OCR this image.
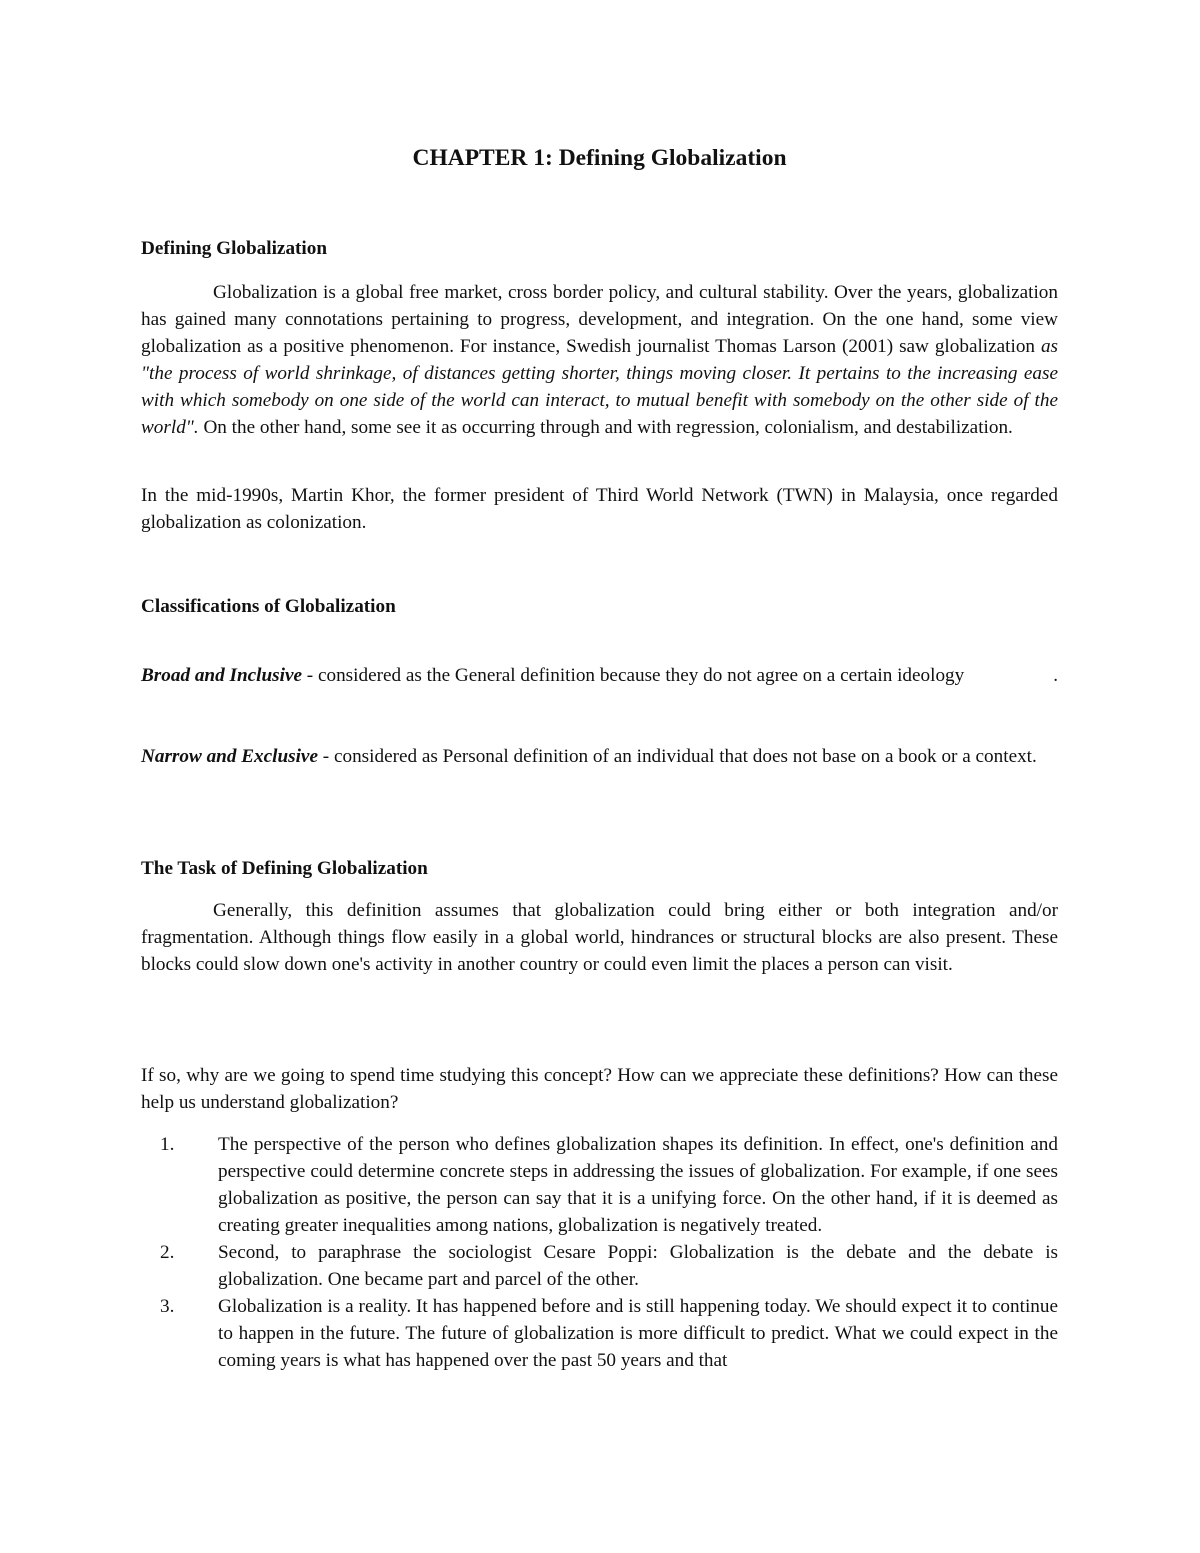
CHAPTER 1: Defining Globalization

Defining Globalization

Globalization is a global free market, cross border policy, and cultural stability. Over the years, globalization has gained many connotations pertaining to progress, development, and integration. On the one hand, some view globalization as a positive phenomenon. For instance, Swedish journalist Thomas Larson (2001) saw globalization as "the process of world shrinkage, of distances getting shorter, things moving closer. It pertains to the increasing ease with which somebody on one side of the world can interact, to mutual benefit with somebody on the other side of the world". On the other hand, some see it as occurring through and with regression, colonialism, and destabilization.

In the mid-1990s, Martin Khor, the former president of Third World Network (TWN) in Malaysia, once regarded globalization as colonization.

Classifications of Globalization

Broad and Inclusive - considered as the General definition because they do not agree on a certain ideology	.

Narrow and Exclusive - considered as Personal definition of an individual that does not base on a book or a context.

The Task of Defining Globalization

Generally, this definition assumes that globalization could bring either or both integration and/or fragmentation. Although things flow easily in a global world, hindrances or structural blocks are also present. These blocks could slow down one's activity in another country or could even limit the places a person can visit.

If so, why are we going to spend time studying this concept? How can we appreciate these definitions? How can these help us understand globalization?

1. The perspective of the person who defines globalization shapes its definition. In effect, one's definition and perspective could determine concrete steps in addressing the issues of globalization. For example, if one sees globalization as positive, the person can say that it is a unifying force. On the other hand, if it is deemed as creating greater inequalities among nations, globalization is negatively treated.
2. Second, to paraphrase the sociologist Cesare Poppi: Globalization is the debate and the debate is globalization. One became part and parcel of the other.
3. Globalization is a reality. It has happened before and is still happening today. We should expect it to continue to happen in the future. The future of globalization is more difficult to predict. What we could expect in the coming years is what has happened over the past 50 years and that
